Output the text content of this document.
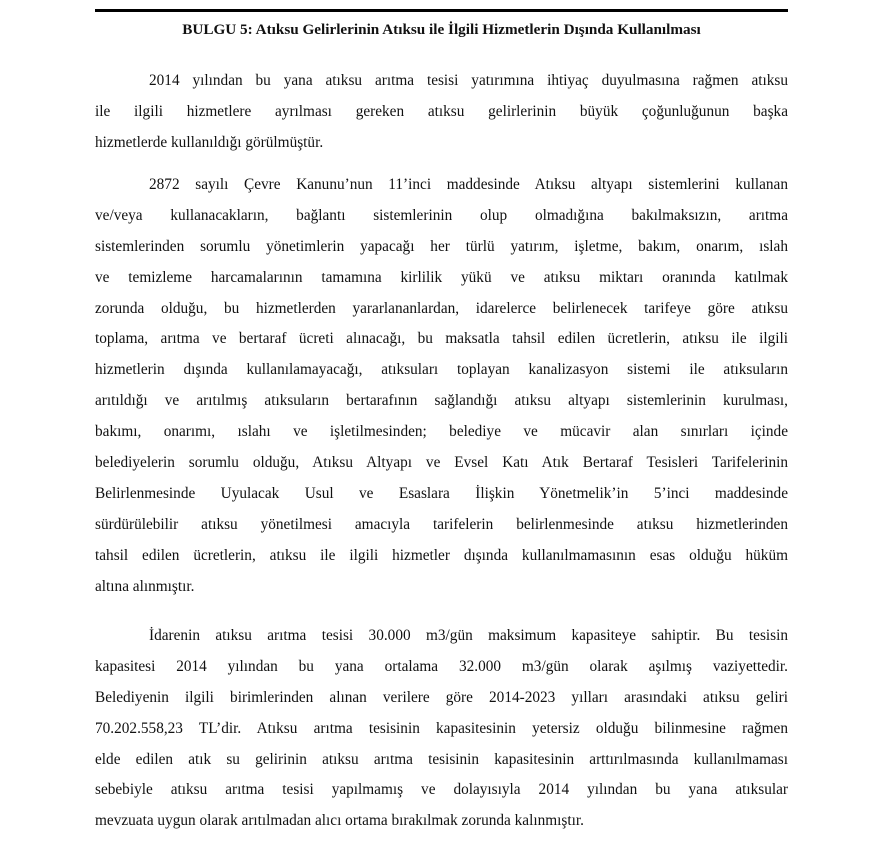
BULGU 5: Atıksu Gelirlerinin Atıksu ile İlgili Hizmetlerin Dışında Kullanılması
2014 yılından bu yana atıksu arıtma tesisi yatırımına ihtiyaç duyulmasına rağmen atıksu
ile ilgili hizmetlere ayrılması gereken atıksu gelirlerinin büyük çoğunluğunun başka
hizmetlerde kullanıldığı görülmüştür.
2872 sayılı Çevre Kanunu’nun 11’inci maddesinde Atıksu altyapı sistemlerini kullanan
ve/veya kullanacakların, bağlantı sistemlerinin olup olmadığına bakılmaksızın, arıtma
sistemlerinden sorumlu yönetimlerin yapacağı her türlü yatırım, işletme, bakım, onarım, ıslah
ve temizleme harcamalarının tamamına kirlilik yükü ve atıksu miktarı oranında katılmak
zorunda olduğu, bu hizmetlerden yararlananlardan, idarelerce belirlenecek tarifeye göre atıksu
toplama, arıtma ve bertaraf ücreti alınacağı, bu maksatla tahsil edilen ücretlerin, atıksu ile ilgili
hizmetlerin dışında kullanılamayacağı, atıksuları toplayan kanalizasyon sistemi ile atıksuların
arıtıldığı ve arıtılmış atıksuların bertarafının sağlandığı atıksu altyapı sistemlerinin kurulması,
bakımı, onarımı, ıslahı ve işletilmesinden; belediye ve mücavir alan sınırları içinde
belediyelerin sorumlu olduğu, Atıksu Altyapı ve Evsel Katı Atık Bertaraf Tesisleri Tarifelerinin
Belirlenmesinde Uyulacak Usul ve Esaslara İlişkin Yönetmelik’in 5’inci maddesinde
sürdürülebilir atıksu yönetilmesi amacıyla tarifelerin belirlenmesinde atıksu hizmetlerinden
tahsil edilen ücretlerin, atıksu ile ilgili hizmetler dışında kullanılmamasının esas olduğu hüküm
altına alınmıştır.
İdarenin atıksu arıtma tesisi 30.000 m3/gün maksimum kapasiteye sahiptir. Bu tesisin
kapasitesi 2014 yılından bu yana ortalama 32.000 m3/gün olarak aşılmış vaziyettedir.
Belediyenin ilgili birimlerinden alınan verilere göre 2014-2023 yılları arasındaki atıksu geliri
70.202.558,23 TL’dir. Atıksu arıtma tesisinin kapasitesinin yetersiz olduğu bilinmesine rağmen
elde edilen atık su gelirinin atıksu arıtma tesisinin kapasitesinin arttırılmasında kullanılmaması
sebebiyle atıksu arıtma tesisi yapılmamış ve dolayısıyla 2014 yılından bu yana atıksular
mevzuata uygun olarak arıtılmadan alıcı ortama bırakılmak zorunda kalınmıştır.
